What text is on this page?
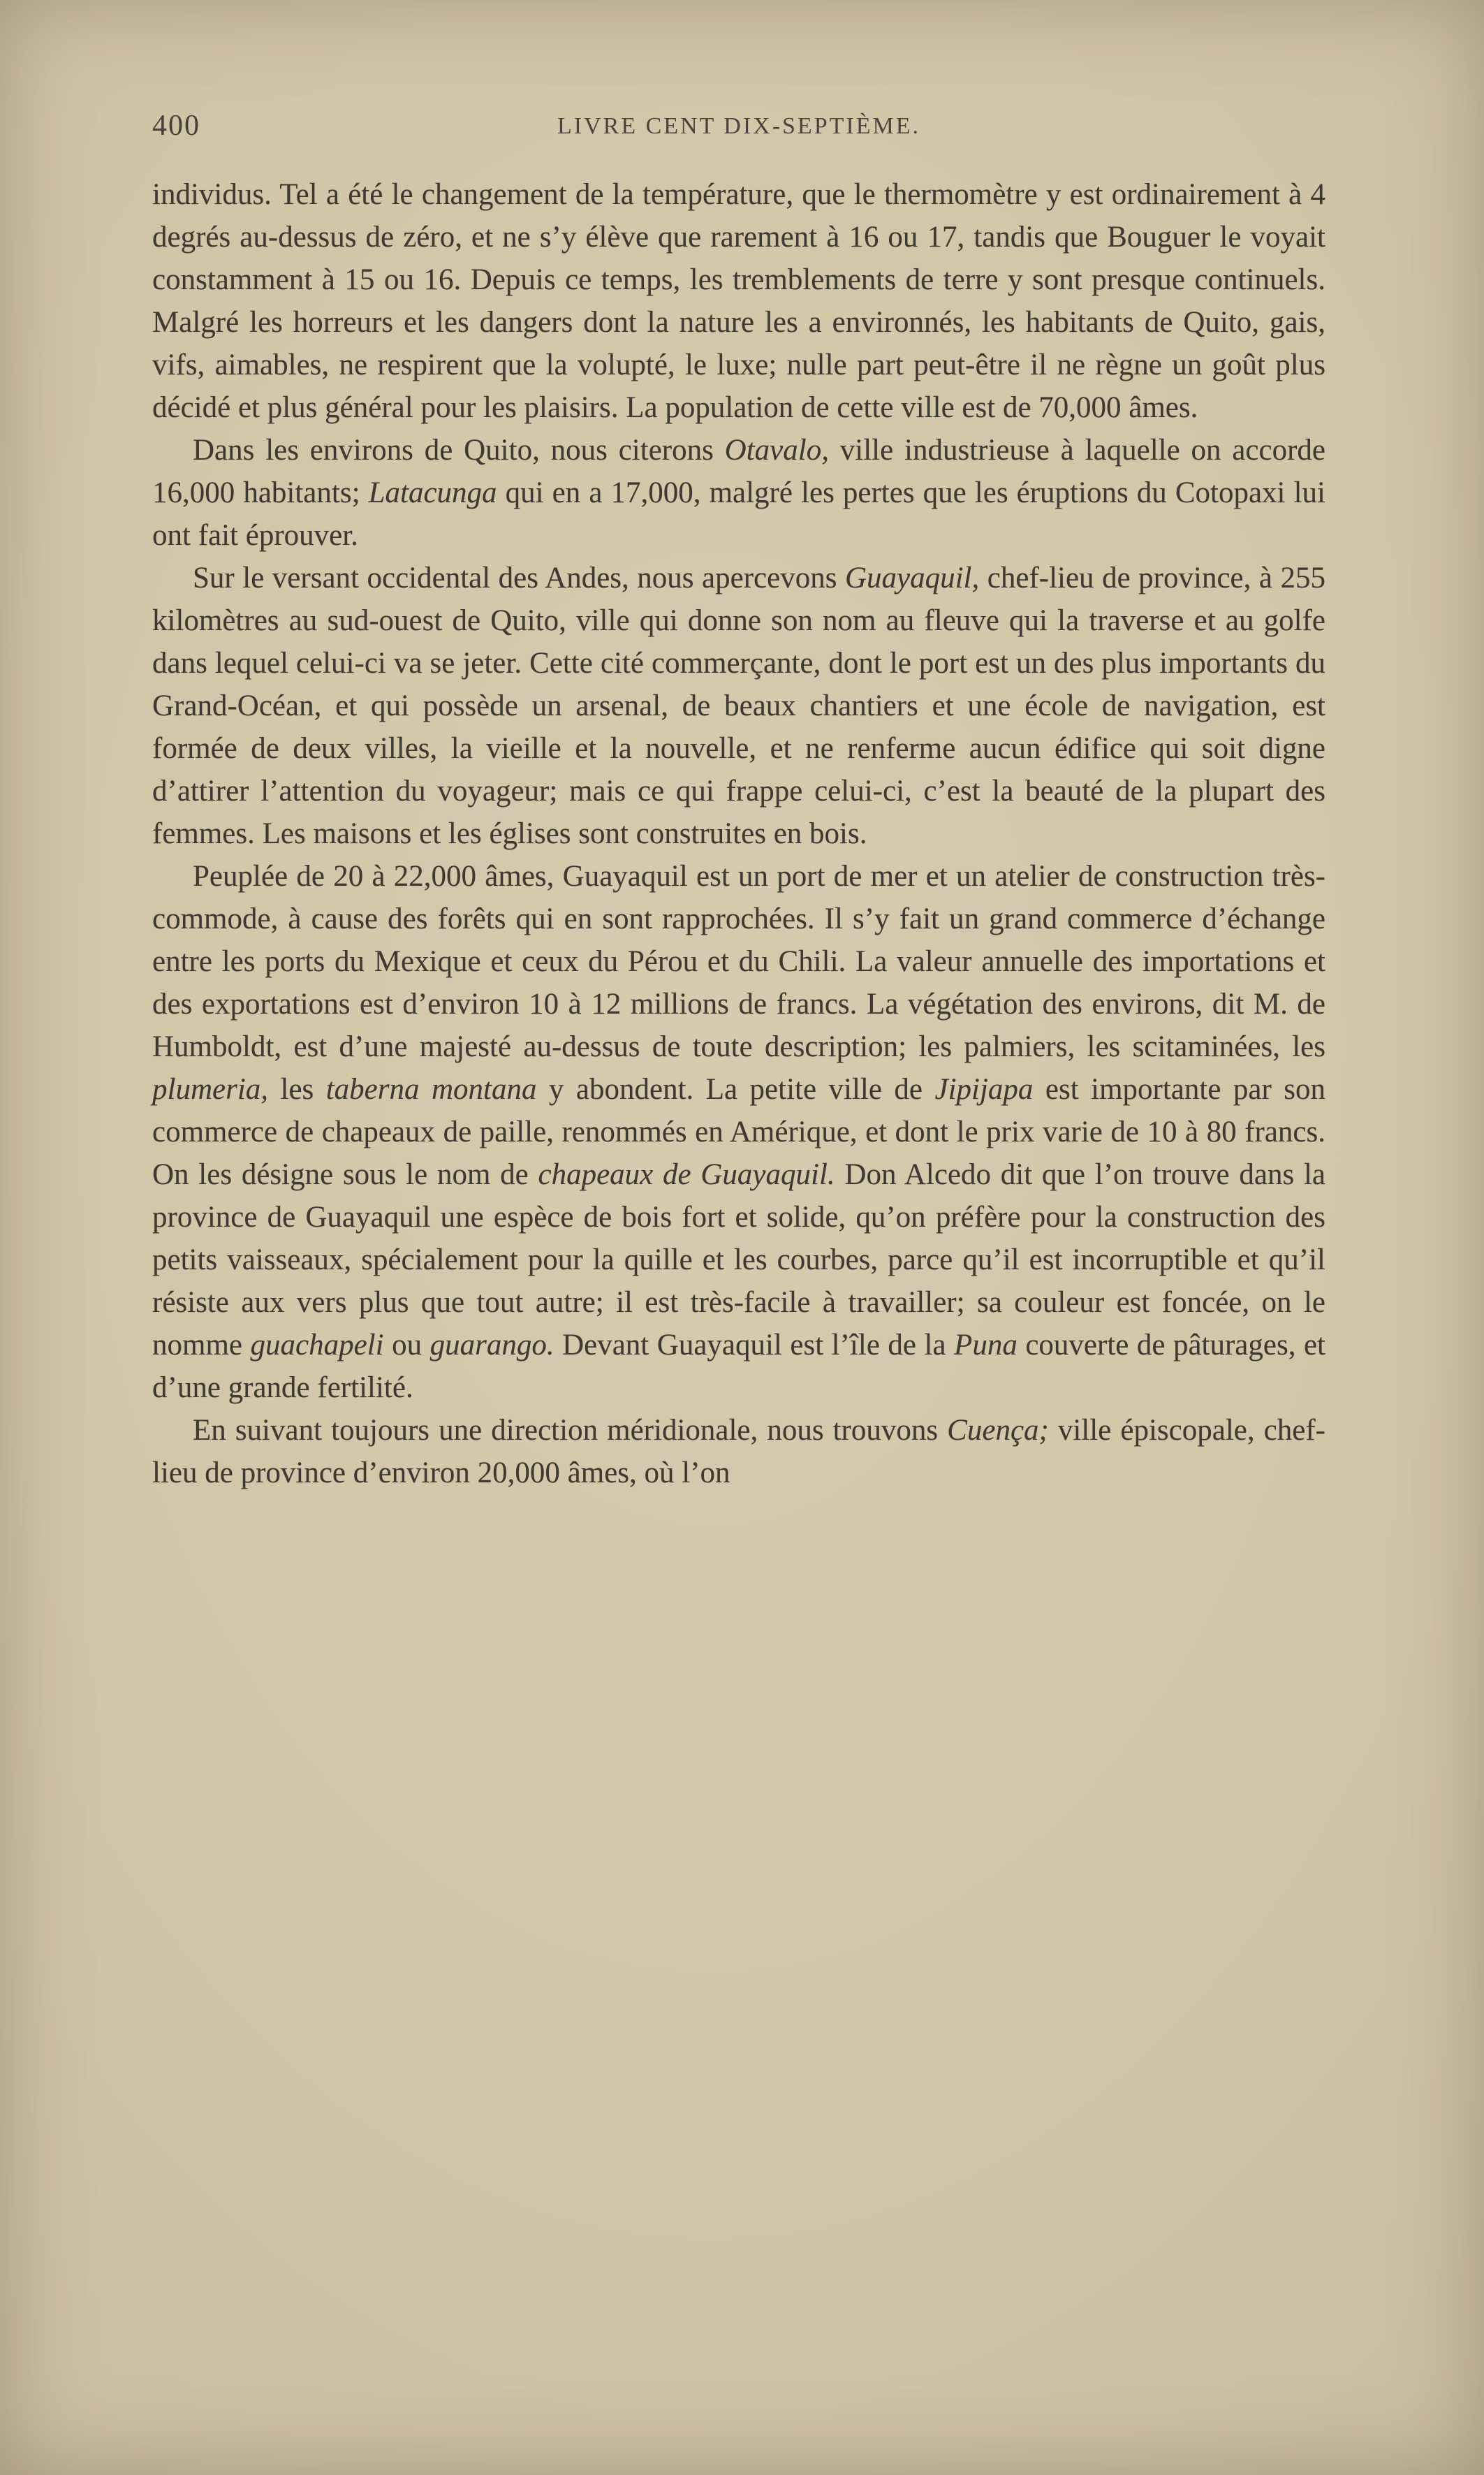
400	LIVRE CENT DIX-SEPTIÈME.

individus. Tel a été le changement de la température, que le thermomètre y est ordinairement à 4 degrés au-dessus de zéro, et ne s’y élève que rarement à 16 ou 17, tandis que Bouguer le voyait constamment à 15 ou 16. Depuis ce temps, les tremblements de terre y sont presque continuels. Malgré les horreurs et les dangers dont la nature les a environnés, les habitants de Quito, gais, vifs, aimables, ne respirent que la volupté, le luxe; nulle part peut-être il ne règne un goût plus décidé et plus général pour les plaisirs. La population de cette ville est de 70,000 âmes.

Dans les environs de Quito, nous citerons Otavalo, ville industrieuse à laquelle on accorde 16,000 habitants; Latacunga qui en a 17,000, malgré les pertes que les éruptions du Cotopaxi lui ont fait éprouver.

Sur le versant occidental des Andes, nous apercevons Guayaquil, chef-lieu de province, à 255 kilomètres au sud-ouest de Quito, ville qui donne son nom au fleuve qui la traverse et au golfe dans lequel celui-ci va se jeter. Cette cité commerçante, dont le port est un des plus importants du Grand-Océan, et qui possède un arsenal, de beaux chantiers et une école de navigation, est formée de deux villes, la vieille et la nouvelle, et ne renferme aucun édifice qui soit digne d’attirer l’attention du voyageur; mais ce qui frappe celui-ci, c’est la beauté de la plupart des femmes. Les maisons et les églises sont construites en bois.

Peuplée de 20 à 22,000 âmes, Guayaquil est un port de mer et un atelier de construction très-commode, à cause des forêts qui en sont rapprochées. Il s’y fait un grand commerce d’échange entre les ports du Mexique et ceux du Pérou et du Chili. La valeur annuelle des importations et des exportations est d’environ 10 à 12 millions de francs. La végétation des environs, dit M. de Humboldt, est d’une majesté au-dessus de toute description; les palmiers, les scitaminées, les plumeria, les taberna montana y abondent. La petite ville de Jipijapa est importante par son commerce de chapeaux de paille, renommés en Amérique, et dont le prix varie de 10 à 80 francs. On les désigne sous le nom de chapeaux de Guayaquil. Don Alcedo dit que l’on trouve dans la province de Guayaquil une espèce de bois fort et solide, qu’on préfère pour la construction des petits vaisseaux, spécialement pour la quille et les courbes, parce qu’il est incorruptible et qu’il résiste aux vers plus que tout autre; il est très-facile à travailler; sa couleur est foncée, on le nomme guachapeli ou guarango. Devant Guayaquil est l’île de la Puna couverte de pâturages, et d’une grande fertilité.

En suivant toujours une direction méridionale, nous trouvons Cuença; ville épiscopale, chef-lieu de province d’environ 20,000 âmes, où l’on
